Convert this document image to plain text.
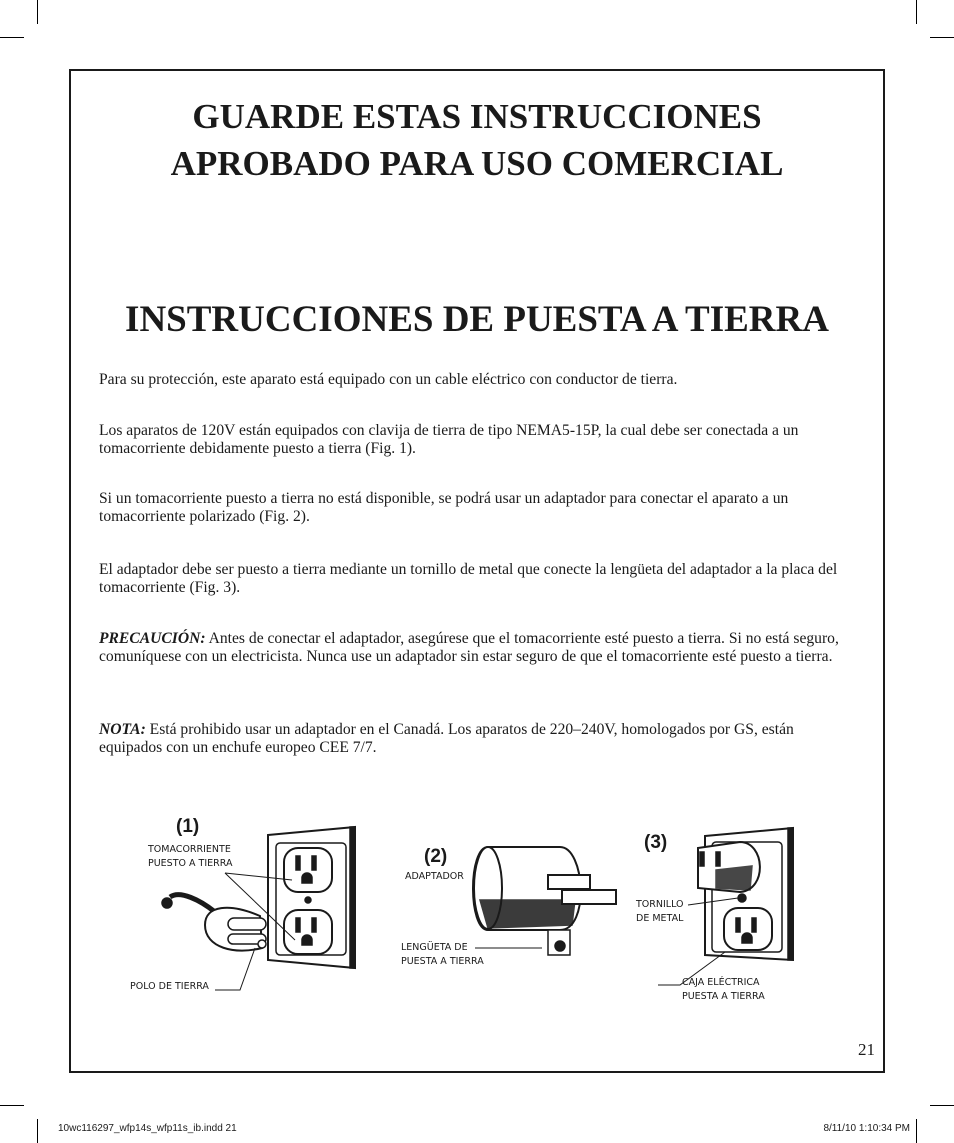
GUARDE ESTAS INSTRUCCIONES
APROBADO PARA USO COMERCIAL
INSTRUCCIONES DE PUESTA A TIERRA
Para su protección, este aparato está equipado con un cable eléctrico con conductor de tierra.
Los aparatos de 120V están equipados con clavija de tierra de tipo NEMA5-15P, la cual debe ser conectada a un tomacorriente debidamente puesto a tierra (Fig. 1).
Si un tomacorriente puesto a tierra no está disponible, se podrá usar un adaptador para conectar el aparato a un tomacorriente polarizado (Fig. 2).
El adaptador debe ser puesto a tierra mediante un tornillo de metal que conecte la lengüeta del adaptador a la placa del tomacorriente (Fig. 3).
PRECAUCIÓN: Antes de conectar el adaptador, asegúrese que el tomacorriente esté puesto a tierra. Si no está seguro, comuníquese con un electricista. Nunca use un adaptador sin estar seguro de que el tomacorriente esté puesto a tierra.
NOTA: Está prohibido usar un adaptador en el Canadá. Los aparatos de 220–240V, homologados por GS, están equipados con un enchufe europeo CEE 7/7.
(1)
TOMACORRIENTE
PUESTO A TIERRA
POLO DE TIERRA
(2)
ADAPTADOR
LENGÜETA DE
PUESTA A TIERRA
(3)
TORNILLO
DE METAL
CAJA ELÉCTRICA
PUESTA A TIERRA
21
10wc116297_wfp14s_wfp11s_ib.indd 21	8/11/10 1:10:34 PM
